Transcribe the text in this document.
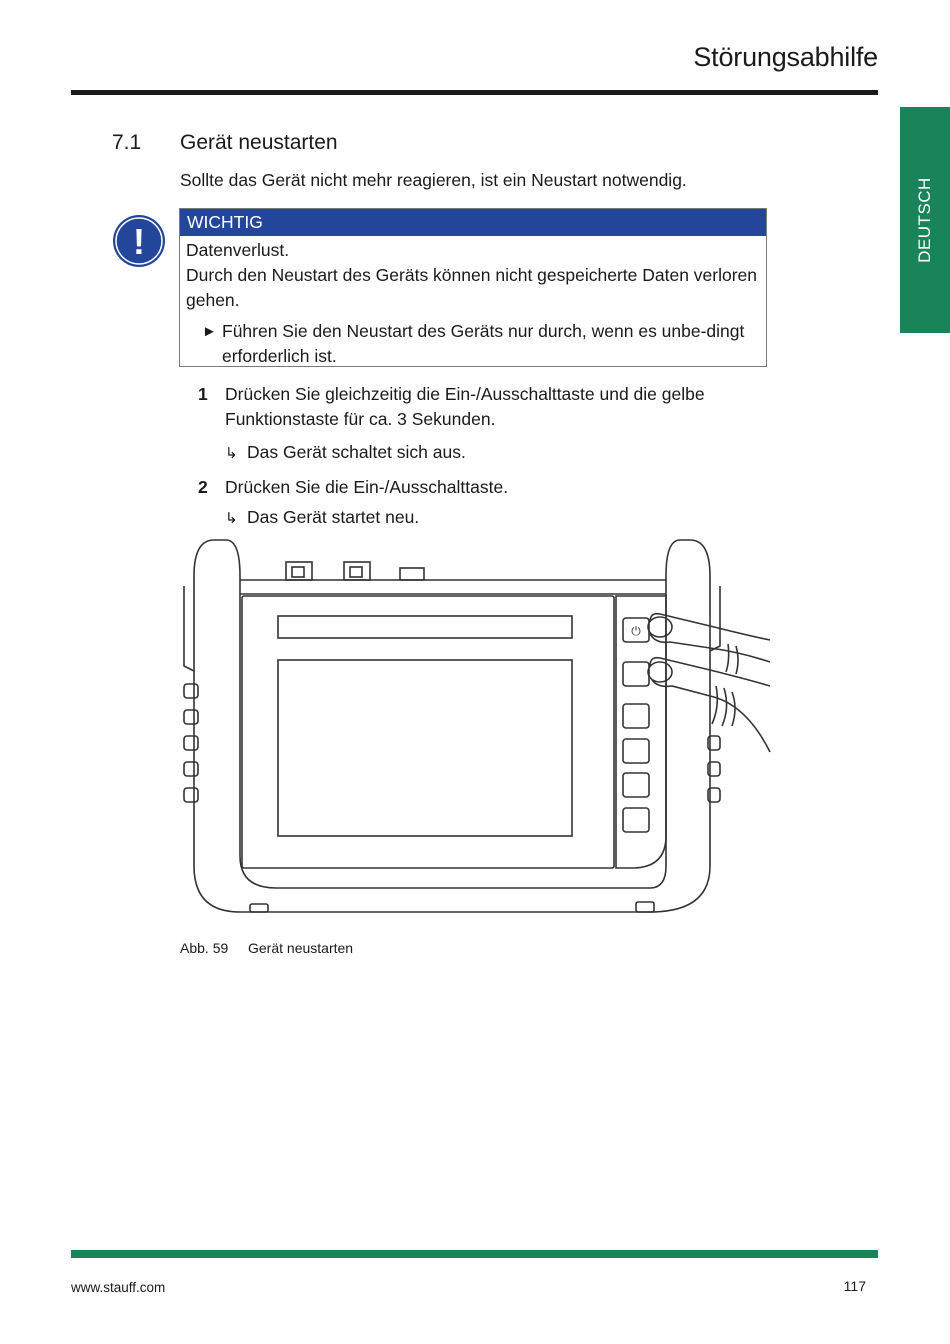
Störungsabhilfe
DEUTSCH
7.1 Gerät neustarten
Sollte das Gerät nicht mehr reagieren, ist ein Neustart notwendig.
!	WICHTIG
Datenverlust.
Durch den Neustart des Geräts können nicht gespeicherte Daten verloren gehen.
► Führen Sie den Neustart des Geräts nur durch, wenn es unbe-dingt erforderlich ist.
1 Drücken Sie gleichzeitig die Ein-/Ausschalttaste und die gelbe Funktionstaste für ca. 3 Sekunden.
↳ Das Gerät schaltet sich aus.
2 Drücken Sie die Ein-/Ausschalttaste.
↳ Das Gerät startet neu.
⏻
Abb. 59 Gerät neustarten
www.stauff.com	117
